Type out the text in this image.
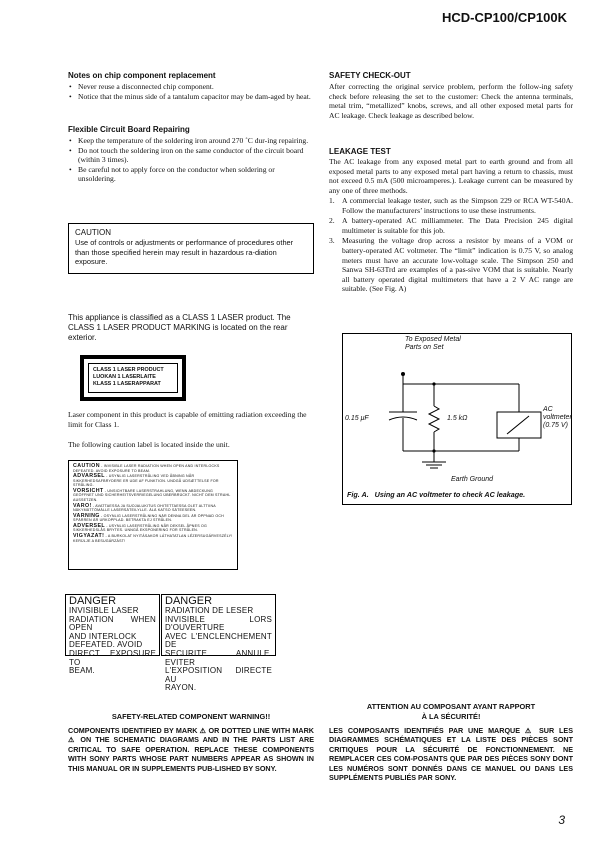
HCD-CP100/CP100K
Notes on chip component replacement
• Never reuse a disconnected chip component.
• Notice that the minus side of a tantalum capacitor may be dam-aged by heat.
Flexible Circuit Board Repairing
• Keep the temperature of the soldering iron around 270 ˚C dur-ing repairing.
• Do not touch the soldering iron on the same conductor of the circuit board (within 3 times).
• Be careful not to apply force on the conductor when soldering or unsoldering.
CAUTION
Use of controls or adjustments or performance of procedures other than those specified herein may result in hazardous ra-diation exposure.
This appliance is classified as a CLASS 1 LASER product. The CLASS 1 LASER PRODUCT MARKING is located on the rear exterior.
CLASS 1 LASER PRODUCT
LUOKAN 1 LASERLAITE
KLASS 1 LASERAPPARAT
Laser component in this product is capable of emitting radiation exceeding the limit for Class 1.
The following caution label is located inside the unit.
CAUTION - INVISIBLE LASER RADIATION WHEN OPEN AND INTERLOCKS DEFEATED. AVOID EXPOSURE TO BEAM.
ADVARSEL - USYNLIG LASERSTRÅLING VED ÅBNING NÅR SIKKERHEDSAFBRYDERE ER UDE AF FUNKTION. UNDGÅ UDSÆTTELSE FOR STRÅLING.
VORSICHT - UNSICHTBARE LASERSTRAHLUNG, WENN ABDECKUNG GEÖFFNET UND SICHERHEITSVERRIEGELUNG ÜBERBRÜCKT. NICHT DEM STRAHL AUSSETZEN.
VARO! - AVATTAESSA JA SUOJALUKITUS OHITETTAESSA OLET ALTTIINA NÄKYMÄTTÖMÄLLE LASERSÄTEILYLLE. ÄLÄ KATSO SÄTEESEEN.
VARNING - OSYNLIG LASERSTRÅLNING NÄR DENNA DEL ÄR ÖPPNAD OCH SPÄRREN ÄR URKOPPLAD. BETRAKTA EJ STRÅLEN.
ADVERSEL - USYNLIG LASERSTRÅLING NÅR DEKSEL ÅPNES OG SIKKERHEDSLÅS BRYTES. UNNGÅ EKSPONERING FOR STRÅLEN.
VIGYAZAT! - A BURKOLAT NYITÁSAKOR LÁTHATATLAN LÉZERSUGÁRVESZÉLY! KERÜLJE A BESUGÁRZÁST!
DANGER
INVISIBLE LASER
RADIATION WHEN OPEN
AND INTERLOCK
DEFEATED. AVOID
DIRECT EXPOSURE TO
BEAM.
DANGER
RADIATION DE LESER
INVISIBLE LORS D'OUVERTURE
AVEC L'ENCLENCHEMENT DE
SECURITE ANNULE. EVITER
L'EXPOSITION DIRECTE AU
RAYON.
SAFETY CHECK-OUT
After correcting the original service problem, perform the follow-ing safety check before releasing the set to the customer: Check the antenna terminals, metal trim, “metallized” knobs, screws, and all other exposed metal parts for AC leakage. Check leakage as described below.
LEAKAGE TEST
The AC leakage from any exposed metal part to earth ground and from all exposed metal parts to any exposed metal part having a return to chassis, must not exceed 0.5 mA (500 microamperes.). Leakage current can be measured by any one of three methods.
1. A commercial leakage tester, such as the Simpson 229 or RCA WT-540A. Follow the manufacturers’ instructions to use these instruments.
2. A battery-operated AC milliammeter. The Data Precision 245 digital multimeter is suitable for this job.
3. Measuring the voltage drop across a resistor by means of a VOM or battery-operated AC voltmeter. The “limit” indication is 0.75 V, so analog meters must have an accurate low-voltage scale. The Simpson 250 and Sanwa SH-63Trd are examples of a pas-sive VOM that is suitable. Nearly all battery operated digital multimeters that have a 2 V AC range are suitable. (See Fig. A)
To Exposed Metal
Parts on Set
0.15 μF	1.5 kΩ
AC
voltmeter
(0.75 V)
Earth Ground
Fig. A.   Using an AC voltmeter to check AC leakage.
SAFETY-RELATED COMPONENT WARNING!!
COMPONENTS IDENTIFIED BY MARK ⚠ OR DOTTED LINE WITH MARK ⚠ ON THE SCHEMATIC DIAGRAMS AND IN THE PARTS LIST ARE CRITICAL TO SAFE OPERATION. REPLACE THESE COMPONENTS WITH SONY PARTS WHOSE PART NUMBERS APPEAR AS SHOWN IN THIS MANUAL OR IN SUPPLEMENTS PUB-LISHED BY SONY.
ATTENTION AU COMPOSANT AYANT RAPPORT
À LA SÉCURITÉ!
LES COMPOSANTS IDENTIFIÉS PAR UNE MARQUE ⚠ SUR LES DIAGRAMMES SCHÉMATIQUES ET LA LISTE DES PIÈCES SONT CRITIQUES POUR LA SÉCURITÉ DE FONCTIONNEMENT. NE REMPLACER CES COM-POSANTS QUE PAR DES PIÈCES SONY DONT LES NUMÉROS SONT DONNÉS DANS CE MANUEL OU DANS LES SUPPLÉMENTS PUBLIÉS PAR SONY.
3
